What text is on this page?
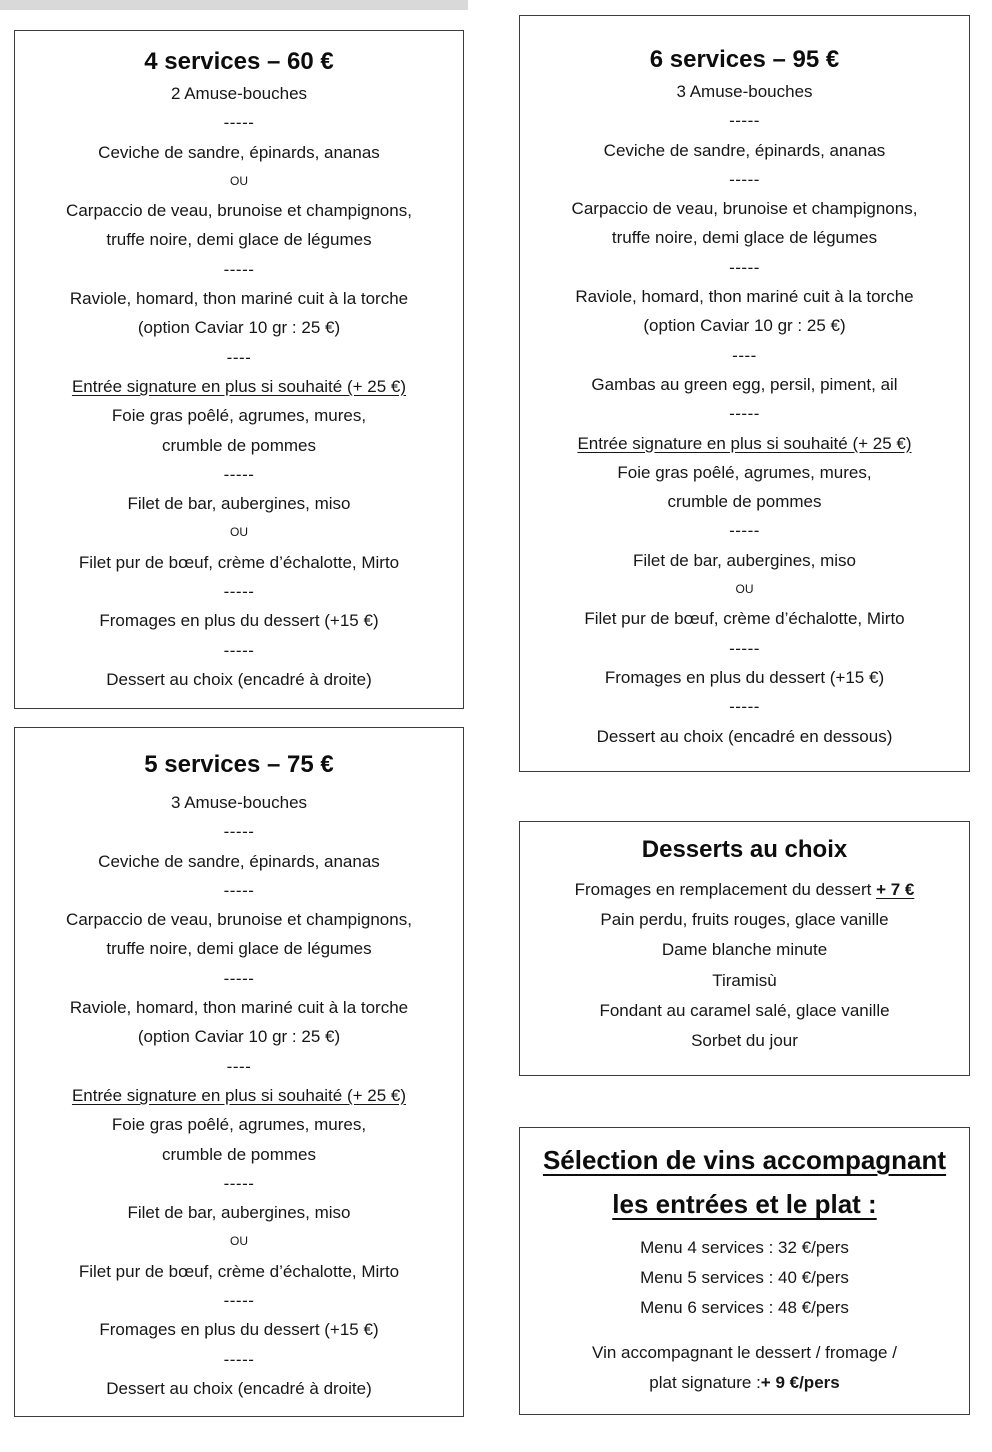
4 services – 60 €
2 Amuse-bouches
-----
Ceviche de sandre, épinards, ananas
OU
Carpaccio de veau, brunoise et champignons,
truffe noire, demi glace de légumes
-----
Raviole, homard, thon mariné cuit à la torche
(option Caviar 10 gr : 25 €)
----
Entrée signature en plus si souhaité (+ 25 €)
Foie gras poêlé, agrumes, mures,
crumble de pommes
-----
Filet de bar, aubergines, miso
OU
Filet pur de bœuf, crème d’échalotte, Mirto
-----
Fromages en plus du dessert (+15 €)
-----
Dessert au choix (encadré à droite)
5 services – 75 €
3 Amuse-bouches
-----
Ceviche de sandre, épinards, ananas
-----
Carpaccio de veau, brunoise et champignons,
truffe noire, demi glace de légumes
-----
Raviole, homard, thon mariné cuit à la torche
(option Caviar 10 gr : 25 €)
----
Entrée signature en plus si souhaité (+ 25 €)
Foie gras poêlé, agrumes, mures,
crumble de pommes
-----
Filet de bar, aubergines, miso
OU
Filet pur de bœuf, crème d’échalotte, Mirto
-----
Fromages en plus du dessert (+15 €)
-----
Dessert au choix (encadré à droite)
6 services – 95 €
3 Amuse-bouches
-----
Ceviche de sandre, épinards, ananas
-----
Carpaccio de veau, brunoise et champignons,
truffe noire, demi glace de légumes
-----
Raviole, homard, thon mariné cuit à la torche
(option Caviar 10 gr : 25 €)
----
Gambas au green egg, persil, piment, ail
-----
Entrée signature en plus si souhaité (+ 25 €)
Foie gras poêlé, agrumes, mures,
crumble de pommes
-----
Filet de bar, aubergines, miso
OU
Filet pur de bœuf, crème d’échalotte, Mirto
-----
Fromages en plus du dessert (+15 €)
-----
Dessert au choix (encadré en dessous)
Desserts au choix
Fromages en remplacement du dessert + 7 €
Pain perdu, fruits rouges, glace vanille
Dame blanche minute
Tiramisù
Fondant au caramel salé, glace vanille
Sorbet du jour
Sélection de vins accompagnant
les entrées et le plat :
Menu 4 services : 32 €/pers
Menu 5 services : 40 €/pers
Menu 6 services : 48 €/pers
Vin accompagnant le dessert / fromage /
plat signature :+ 9 €/pers
